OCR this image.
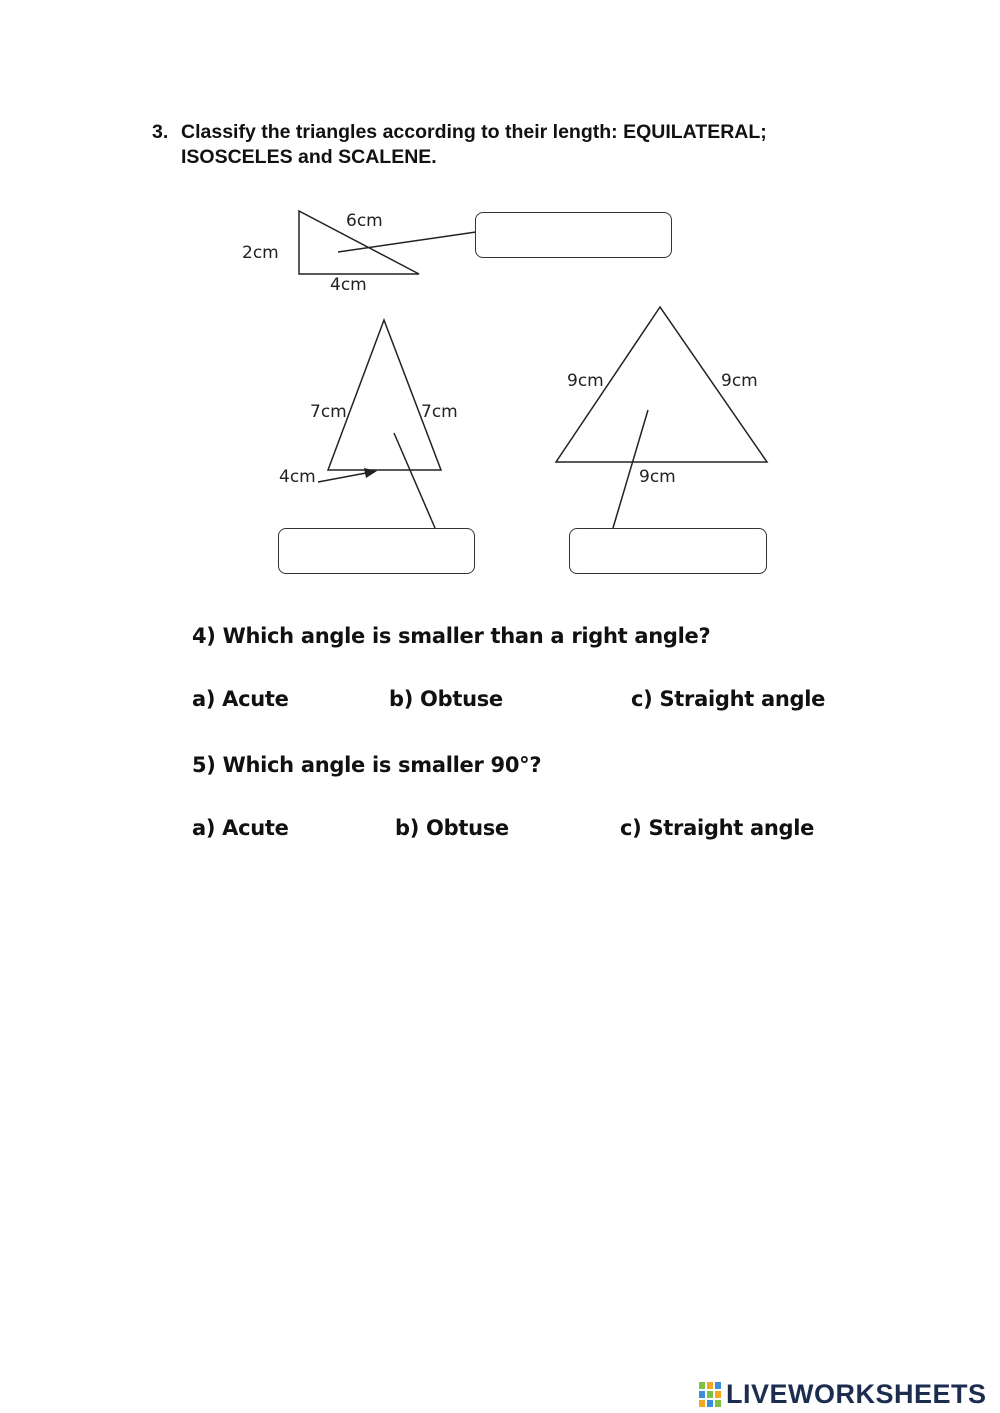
3. Classify the triangles according to their length: EQUILATERAL; ISOSCELES and SCALENE.
6cm
2cm
4cm
7cm	7cm
4cm
9cm	9cm
9cm
4) Which angle is smaller than a right angle?
a) Acute	b) Obtuse	c) Straight angle
5) Which angle is smaller 90°?
a) Acute	b) Obtuse	c) Straight angle
LIVEWORKSHEETS
